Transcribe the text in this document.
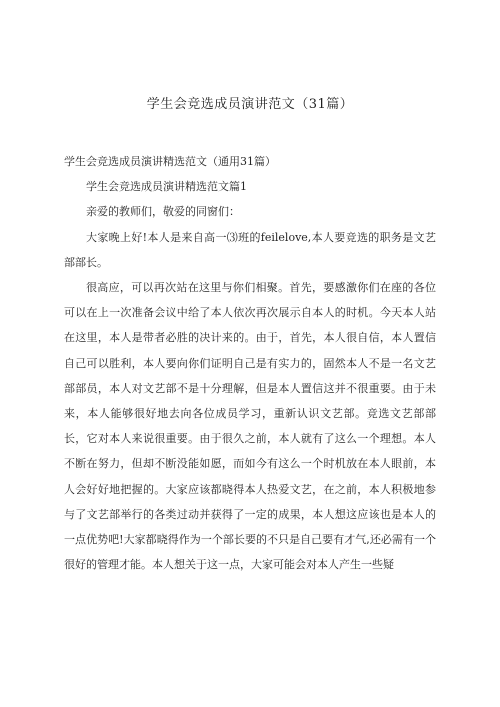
学生会竞选成员演讲范文（31篇）

学生会竞选成员演讲精选范文（通用31篇）

学生会竞选成员演讲精选范文篇1

亲爱的教师们，敬爱的同窗们：

大家晚上好!本人是来自高一⑶班的feilelove,本人要竞选的职务是文艺部部长。

很高应，可以再次站在这里与你们相聚。首先，要感激你们在座的各位可以在上一次准备会议中给了本人依次再次展示自本人的时机。今天本人站在这里，本人是带者必胜的决计来的。由于，首先，本人很自信，本人置信自己可以胜利，本人要向你们证明自己是有实力的，固然本人不是一名文艺部部员，本人对文艺部不是十分理解，但是本人置信这并不很重要。由于未来，本人能够很好地去向各位成员学习，重新认识文艺部。竞选文艺部部长，它对本人来说很重要。由于很久之前，本人就有了这么一个理想。本人不断在努力，但却不断没能如愿，而如今有这么一个时机放在本人眼前，本人会好好地把握的。大家应该都晓得本人热爱文艺，在之前，本人积极地参与了文艺部举行的各类过动并获得了一定的成果，本人想这应该也是本人的一点优势吧!大家都晓得作为一个部长要的不只是自己要有才气,还必需有一个很好的管理才能。本人想关于这一点，大家可能会对本人产生一些疑
